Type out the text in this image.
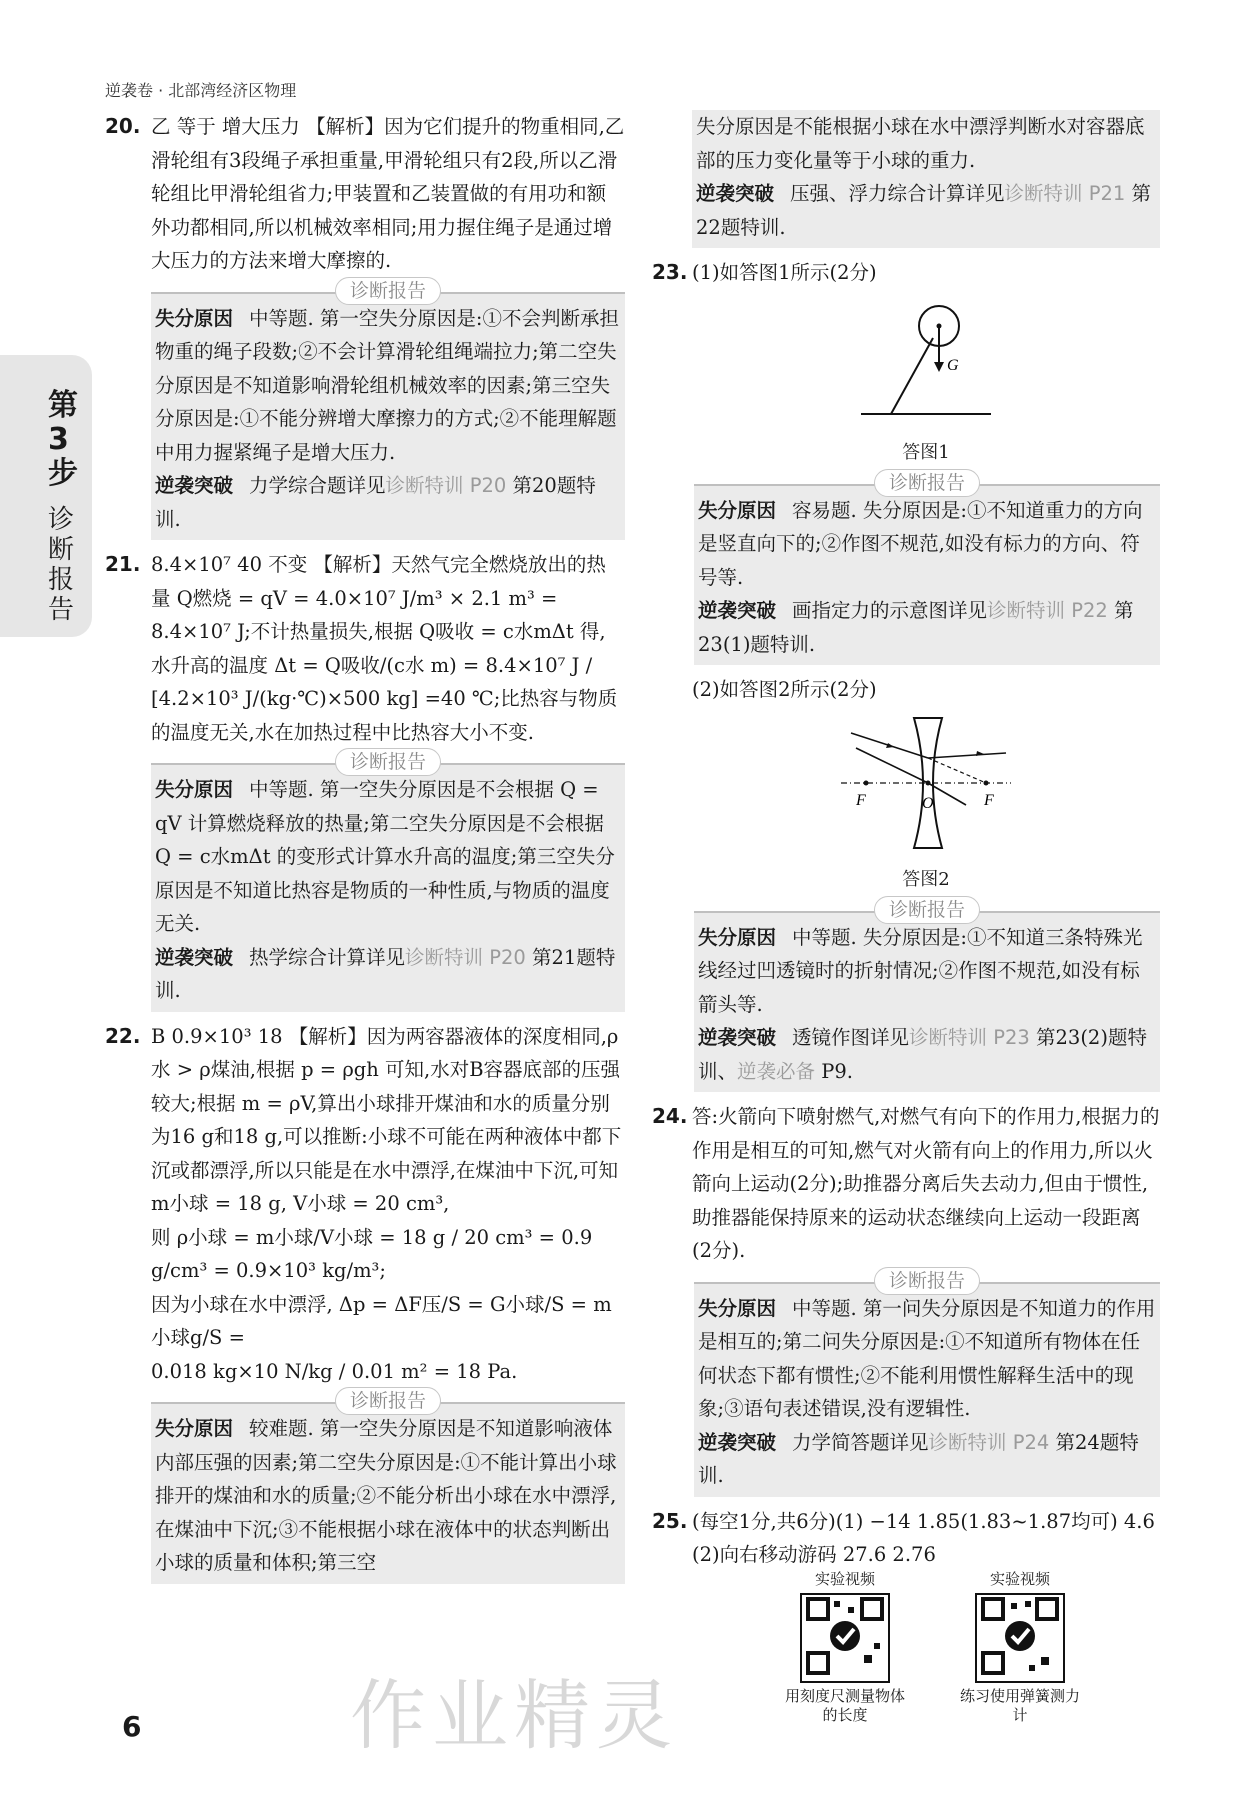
逆袭卷 · 北部湾经济区物理
第3步
诊断报告
20. 乙 等于 增大压力 【解析】因为它们提升的物重相同,乙滑轮组有3段绳子承担重量,甲滑轮组只有2段,所以乙滑轮组比甲滑轮组省力;甲装置和乙装置做的有用功和额外功都相同,所以机械效率相同;用力握住绳子是通过增大压力的方法来增大摩擦的.
诊断报告
失分原因 中等题. 第一空失分原因是:①不会判断承担物重的绳子段数;②不会计算滑轮组绳端拉力;第二空失分原因是不知道影响滑轮组机械效率的因素;第三空失分原因是:①不能分辨增大摩擦力的方式;②不能理解题中用力握紧绳子是增大压力.
逆袭突破 力学综合题详见诊断特训 P20 第20题特训.
21. 8.4×10⁷ 40 不变 【解析】天然气完全燃烧放出的热量 Q燃烧 = qV = 4.0×10⁷ J/m³ × 2.1 m³ = 8.4×10⁷ J;不计热量损失,根据 Q吸收 = c水mΔt 得,水升高的温度 Δt = Q吸收/(c水 m) = 8.4×10⁷ J / [4.2×10³ J/(kg·℃)×500 kg] =40 ℃;比热容与物质的温度无关,水在加热过程中比热容大小不变.
诊断报告
失分原因 中等题. 第一空失分原因是不会根据 Q = qV 计算燃烧释放的热量;第二空失分原因是不会根据 Q = c水mΔt 的变形式计算水升高的温度;第三空失分原因是不知道比热容是物质的一种性质,与物质的温度无关.
逆袭突破 热学综合计算详见诊断特训 P20 第21题特训.
22. B 0.9×10³ 18 【解析】因为两容器液体的深度相同,ρ水 > ρ煤油,根据 p = ρgh 可知,水对B容器底部的压强较大;根据 m = ρV,算出小球排开煤油和水的质量分别为16 g和18 g,可以推断:小球不可能在两种液体中都下沉或都漂浮,所以只能是在水中漂浮,在煤油中下沉,可知 m小球 = 18 g, V小球 = 20 cm³,
则 ρ小球 = m小球/V小球 = 18 g / 20 cm³ = 0.9 g/cm³ = 0.9×10³ kg/m³;
因为小球在水中漂浮, Δp = ΔF压/S = G小球/S = m小球g/S =
0.018 kg×10 N/kg / 0.01 m² = 18 Pa.
诊断报告
失分原因 较难题. 第一空失分原因是不知道影响液体内部压强的因素;第二空失分原因是:①不能计算出小球排开的煤油和水的质量;②不能分析出小球在水中漂浮,在煤油中下沉;③不能根据小球在液体中的状态判断出小球的质量和体积;第三空
失分原因是不能根据小球在水中漂浮判断水对容器底部的压力变化量等于小球的重力.
逆袭突破 压强、浮力综合计算详见诊断特训 P21 第22题特训.
23. (1)如答图1所示(2分)
G
答图1
诊断报告
失分原因 容易题. 失分原因是:①不知道重力的方向是竖直向下的;②作图不规范,如没有标力的方向、符号等.
逆袭突破 画指定力的示意图详见诊断特训 P22 第23(1)题特训.
(2)如答图2所示(2分)
F	O	F
答图2
诊断报告
失分原因 中等题. 失分原因是:①不知道三条特殊光线经过凹透镜时的折射情况;②作图不规范,如没有标箭头等.
逆袭突破 透镜作图详见诊断特训 P23 第23(2)题特训、逆袭必备 P9.
24. 答:火箭向下喷射燃气,对燃气有向下的作用力,根据力的作用是相互的可知,燃气对火箭有向上的作用力,所以火箭向上运动(2分);助推器分离后失去动力,但由于惯性,助推器能保持原来的运动状态继续向上运动一段距离(2分).
诊断报告
失分原因 中等题. 第一问失分原因是不知道力的作用是相互的;第二问失分原因是:①不知道所有物体在任何状态下都有惯性;②不能利用惯性解释生活中的现象;③语句表述错误,没有逻辑性.
逆袭突破 力学简答题详见诊断特训 P24 第24题特训.
25. (每空1分,共6分)(1) −14 1.85(1.83~1.87均可) 4.6 (2)向右移动游码 27.6 2.76
实验视频
用刻度尺测量物体的长度
实验视频
练习使用弹簧测力计
作业精灵
6
